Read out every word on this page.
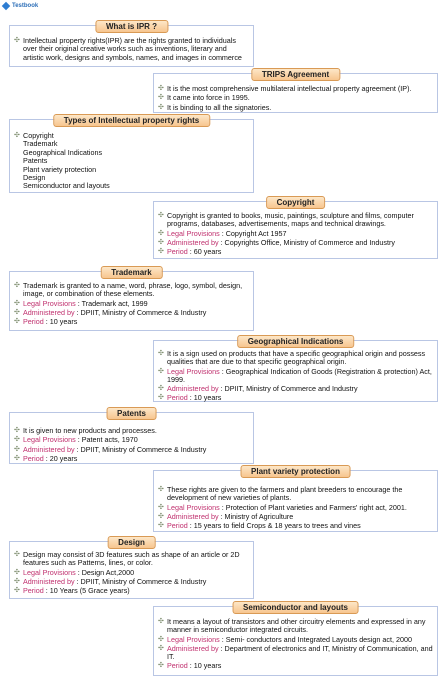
Testbook
What is IPR ?
✣ Intellectual property rights(IPR) are the rights granted to individuals over their original creative works such as inventions, literary and artistic work, designs and symbols, names, and images in commerce
TRIPS Agreement
✣ It is the most comprehensive multilateral intellectual property agreement (IP).
✣ It came into force in 1995.
✣ It is binding to all the signatories.
Types of Intellectual property rights
✣ Copyright
Trademark
Geographical Indications
Patents
Plant variety protection
Design
Semiconductor and layouts
Copyright
✣ Copyright is granted to books, music, paintings, sculpture and films, computer programs, databases, advertisements, maps and technical drawings.
✣ Legal Provisions : Copyright Act 1957
✣ Administered by : Copyrights Office, Ministry of Commerce and Industry
✣ Period : 60 years
Trademark
✣ Trademark is granted to a name, word, phrase, logo, symbol, design, image, or combination of these elements.
✣ Legal Provisions : Trademark act, 1999
✣ Administered by : DPIIT, Ministry of Commerce & Industry
✣ Period : 10 years
Geographical Indications
✣ It is a sign used on products that have a specific geographical origin and possess qualities that are due to that specific geographical origin.
✣ Legal Provisions : Geographical Indication of Goods (Registration & protection) Act, 1999.
✣ Administered by : DPIIT, Ministry of Commerce and Industry
✣ Period : 10 years
Patents
✣ It is given to new products and processes.
✣ Legal Provisions : Patent acts, 1970
✣ Administered by : DPIIT, Ministry of Commerce & Industry
✣ Period : 20 years
Plant variety protection
✣ These rights are given to the farmers and plant breeders to encourage the development of new varieties of plants.
✣ Legal Provisions : Protection of Plant varieties and Farmers' right act, 2001.
✣ Administered by : Ministry of Agriculture
✣ Period : 15 years to field Crops & 18 years to trees and vines
Design
✣ Design may consist of 3D features such as shape of an article or 2D features such as Patterns, lines, or color.
✣ Legal Provisions : Design Act,2000
✣ Administered by : DPIIT, Ministry of Commerce & Industry
✣ Period : 10 Years (5 Grace years)
Semiconductor and layouts
✣ It means a layout of transistors and other circuitry elements and expressed in any manner in semiconductor integrated circuits.
✣ Legal Provisions : Semi- conductors and Integrated Layouts design act, 2000
✣ Administered by : Department of electronics and IT, Ministry of Communication, and IT.
✣ Period : 10 years
